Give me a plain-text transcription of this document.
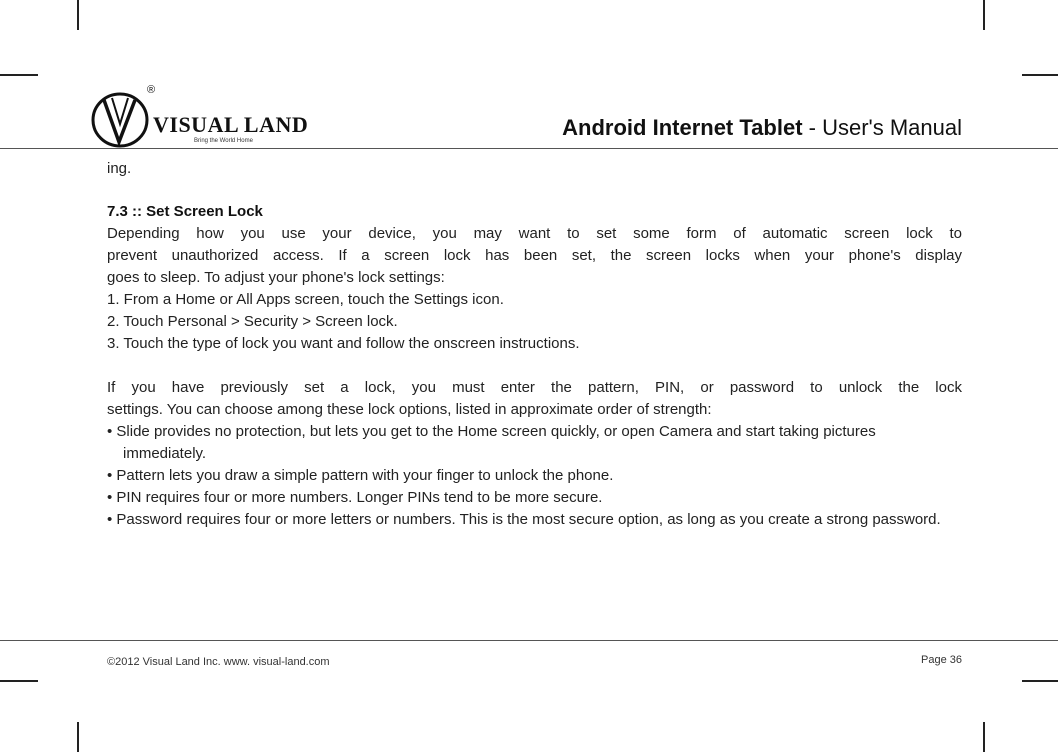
®
VISUAL LAND
Bring the World Home
Android Internet Tablet - User's Manual

ing.

7.3 :: Set Screen Lock

Depending how you use your device, you may want to set some form of automatic screen lock to

prevent unauthorized access. If a screen lock has been set, the screen locks when your phone's display

goes to sleep. To adjust your phone's lock settings:

1. From a Home or All Apps screen, touch the Settings icon.

2. Touch Personal > Security > Screen lock.

3. Touch the type of lock you want and follow the onscreen instructions.

If you have previously set a lock, you must enter the pattern, PIN, or password to unlock the lock

settings. You can choose among these lock options, listed in approximate order of strength:

• Slide provides no protection, but lets you get to the Home screen quickly, or open Camera and start taking pictures immediately.

• Pattern lets you draw a simple pattern with your finger to unlock the phone.

• PIN requires four or more numbers. Longer PINs tend to be more secure.

• Password requires four or more letters or numbers. This is the most secure option, as long as you create a strong password.

©2012 Visual Land Inc. www. visual-land.com	Page 36
